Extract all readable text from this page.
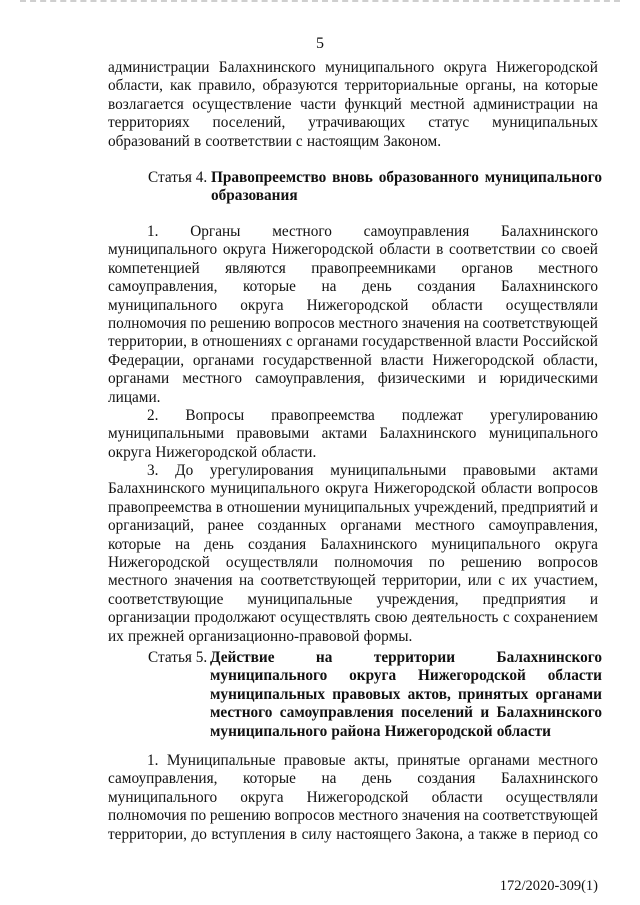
5
администрации Балахнинского муниципального округа Нижегородской
области, как правило, образуются территориальные органы, на которые
возлагается осуществление части функций местной администрации на
территориях поселений, утрачивающих статус муниципальных
образований в соответствии с настоящим Законом.
Статья 4. Правопреемство вновь образованного муниципального
образования
1. Органы местного самоуправления Балахнинского
муниципального округа Нижегородской области в соответствии со своей
компетенцией являются правопреемниками органов местного
самоуправления, которые на день создания Балахнинского
муниципального округа Нижегородской области осуществляли
полномочия по решению вопросов местного значения на соответствующей
территории, в отношениях с органами государственной власти Российской
Федерации, органами государственной власти Нижегородской области,
органами местного самоуправления, физическими и юридическими
лицами.
2. Вопросы правопреемства подлежат урегулированию
муниципальными правовыми актами Балахнинского муниципального
округа Нижегородской области.
3. До урегулирования муниципальными правовыми актами
Балахнинского муниципального округа Нижегородской области вопросов
правопреемства в отношении муниципальных учреждений, предприятий и
организаций, ранее созданных органами местного самоуправления,
которые на день создания Балахнинского муниципального округа
Нижегородской осуществляли полномочия по решению вопросов
местного значения на соответствующей территории, или с их участием,
соответствующие муниципальные учреждения, предприятия и
организации продолжают осуществлять свою деятельность с сохранением
их прежней организационно-правовой формы.
Статья 5. Действие	на	территории	Балахнинского
муниципального округа Нижегородской области
муниципальных правовых актов, принятых органами
местного самоуправления поселений и Балахнинского
муниципального района Нижегородской области
1. Муниципальные правовые акты, принятые органами местного
самоуправления, которые на день создания Балахнинского
муниципального округа Нижегородской области осуществляли
полномочия по решению вопросов местного значения на соответствующей
территории, до вступления в силу настоящего Закона, а также в период со
172/2020-309(1)
